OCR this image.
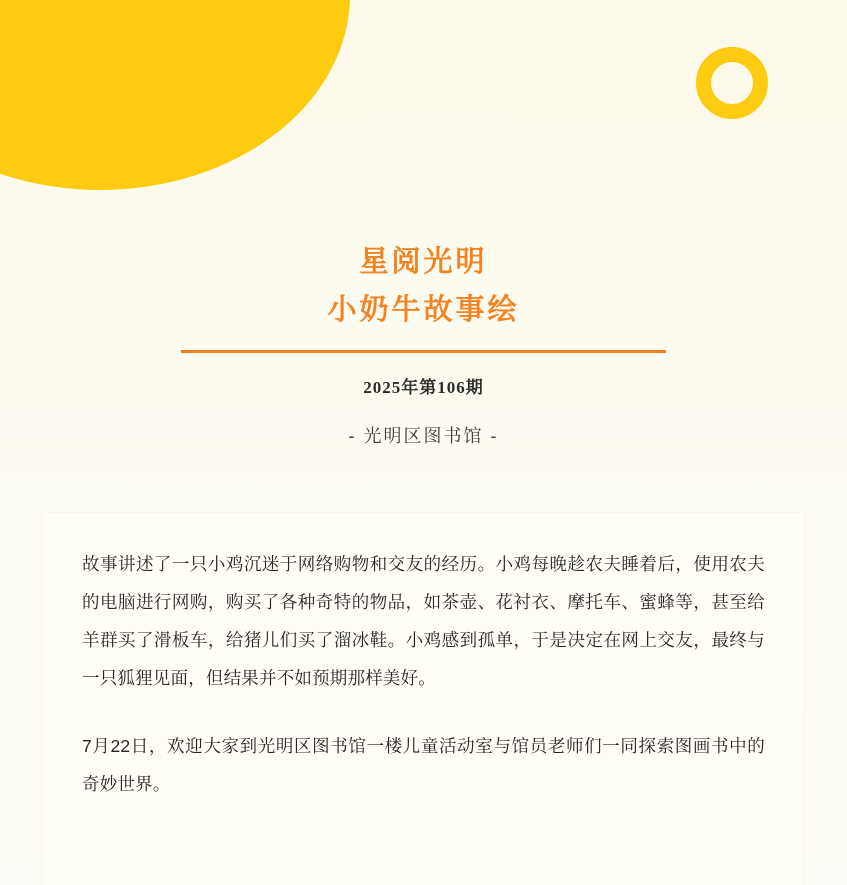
星阅光明

小奶牛故事绘

2025年第106期
- 光明区图书馆 -

故事讲述了一只小鸡沉迷于网络购物和交友的经历。小鸡每晚趁农夫睡着后，使用农夫的电脑进行网购，购买了各种奇特的物品，如茶壶、花衬衣、摩托车、蜜蜂等，甚至给羊群买了滑板车，给猪儿们买了溜冰鞋。小鸡感到孤单，于是决定在网上交友，最终与一只狐狸见面，但结果并不如预期那样美好。

7月22日，欢迎大家到光明区图书馆一楼儿童活动室与馆员老师们一同探索图画书中的奇妙世界。
